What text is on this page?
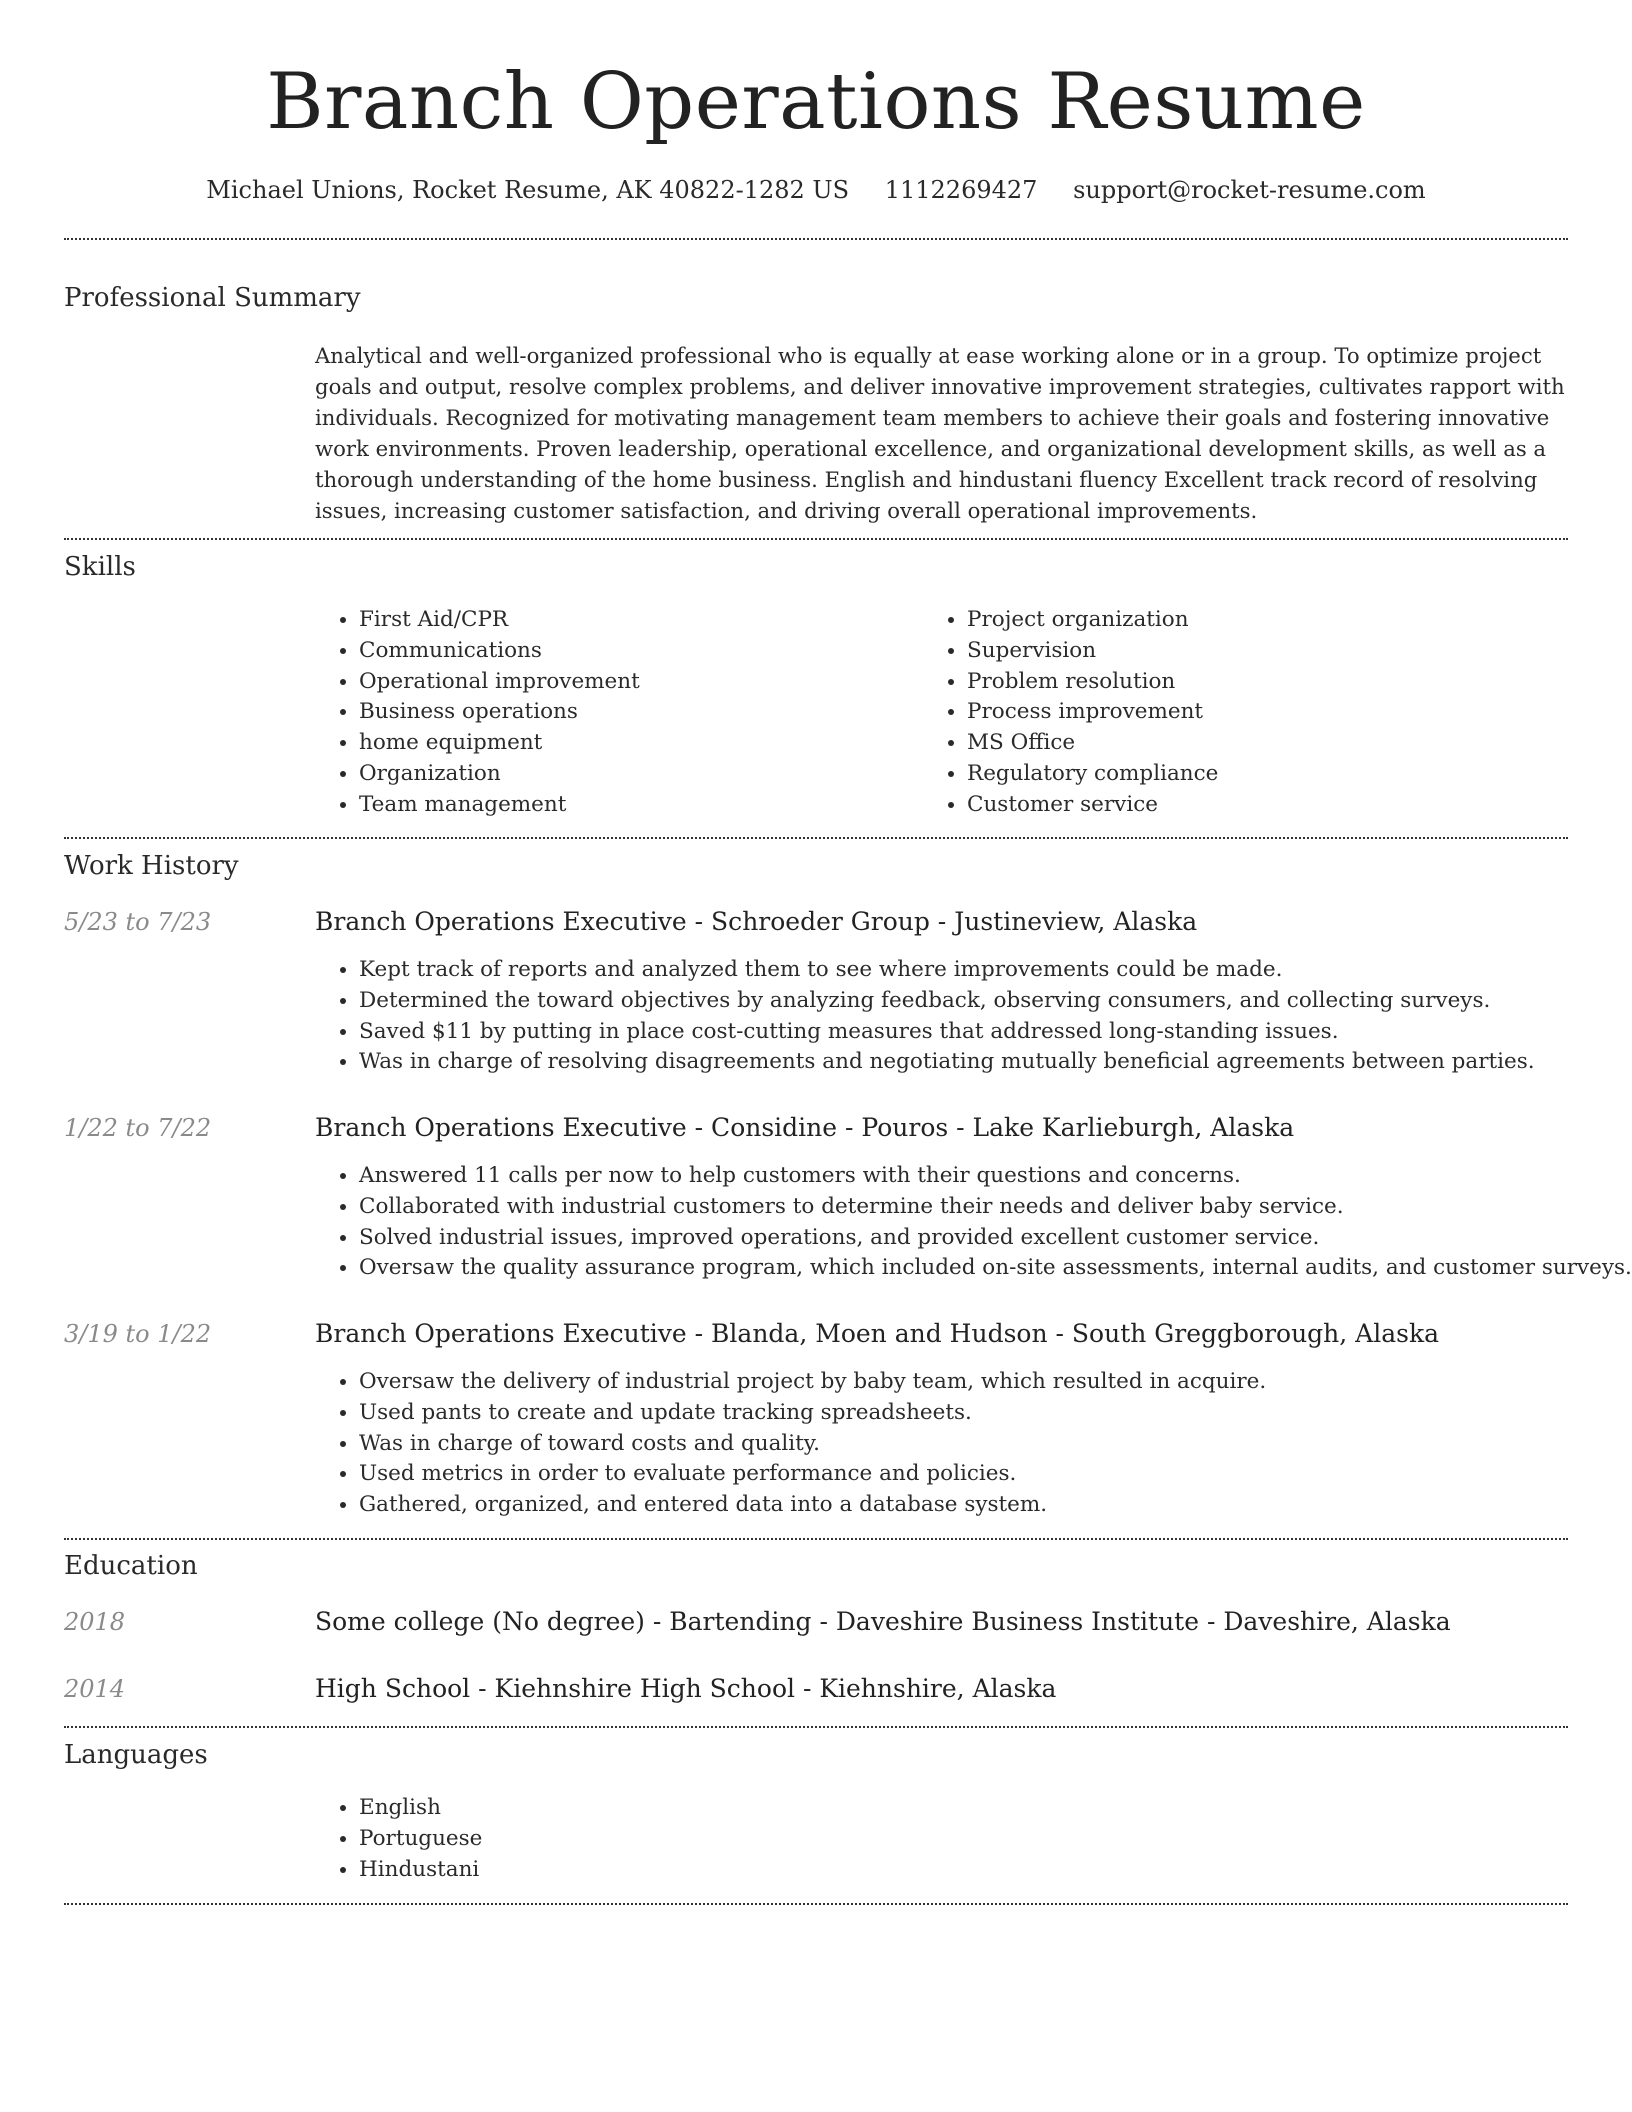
Branch Operations Resume
Michael Unions, Rocket Resume, AK 40822-1282 US 1112269427 support@rocket-resume.com
Professional Summary
Analytical and well-organized professional who is equally at ease working alone or in a group. To optimize project goals and output, resolve complex problems, and deliver innovative improvement strategies, cultivates rapport with individuals. Recognized for motivating management team members to achieve their goals and fostering innovative work environments. Proven leadership, operational excellence, and organizational development skills, as well as a thorough understanding of the home business. English and hindustani fluency Excellent track record of resolving issues, increasing customer satisfaction, and driving overall operational improvements.
Skills
• First Aid/CPR
• Communications
• Operational improvement
• Business operations
• home equipment
• Organization
• Team management
• Project organization
• Supervision
• Problem resolution
• Process improvement
• MS Office
• Regulatory compliance
• Customer service
Work History
5/23 to 7/23	Branch Operations Executive - Schroeder Group - Justineview, Alaska
• Kept track of reports and analyzed them to see where improvements could be made.
• Determined the toward objectives by analyzing feedback, observing consumers, and collecting surveys.
• Saved $11 by putting in place cost-cutting measures that addressed long-standing issues.
• Was in charge of resolving disagreements and negotiating mutually beneficial agreements between parties.
1/22 to 7/22	Branch Operations Executive - Considine - Pouros - Lake Karlieburgh, Alaska
• Answered 11 calls per now to help customers with their questions and concerns.
• Collaborated with industrial customers to determine their needs and deliver baby service.
• Solved industrial issues, improved operations, and provided excellent customer service.
• Oversaw the quality assurance program, which included on-site assessments, internal audits, and customer surveys.
3/19 to 1/22	Branch Operations Executive - Blanda, Moen and Hudson - South Greggborough, Alaska
• Oversaw the delivery of industrial project by baby team, which resulted in acquire.
• Used pants to create and update tracking spreadsheets.
• Was in charge of toward costs and quality.
• Used metrics in order to evaluate performance and policies.
• Gathered, organized, and entered data into a database system.
Education
2018	Some college (No degree) - Bartending - Daveshire Business Institute - Daveshire, Alaska
2014	High School - Kiehnshire High School - Kiehnshire, Alaska
Languages
• English
• Portuguese
• Hindustani
